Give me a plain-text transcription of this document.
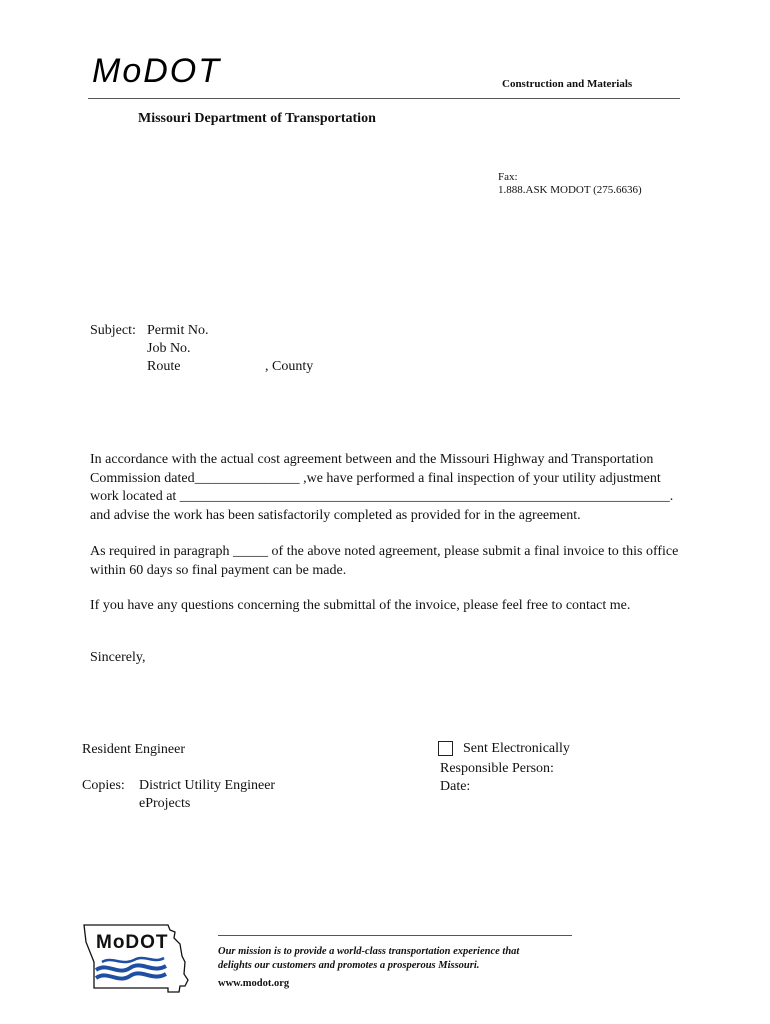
MoDOT	Construction and Materials
Missouri Department of Transportation
Fax:
1.888.ASK MODOT (275.6636)
Subject: Permit No.
Job No.
Route	, County
In accordance with the actual cost agreement between and the Missouri Highway and Transportation
Commission dated_______________ ,we have performed a final inspection of your utility adjustment
work located at ______________________________________________________________________.
and advise the work has been satisfactorily completed as provided for in the agreement.
As required in paragraph _____ of the above noted agreement, please submit a final invoice to this office
within 60 days so final payment can be made.
If you have any questions concerning the submittal of the invoice, please feel free to contact me.
Sincerely,
Resident Engineer
Copies: District Utility Engineer
eProjects
Sent Electronically
Responsible Person:
Date:
MoDOT	Our mission is to provide a world-class transportation experience that
delights our customers and promotes a prosperous Missouri.
www.modot.org
